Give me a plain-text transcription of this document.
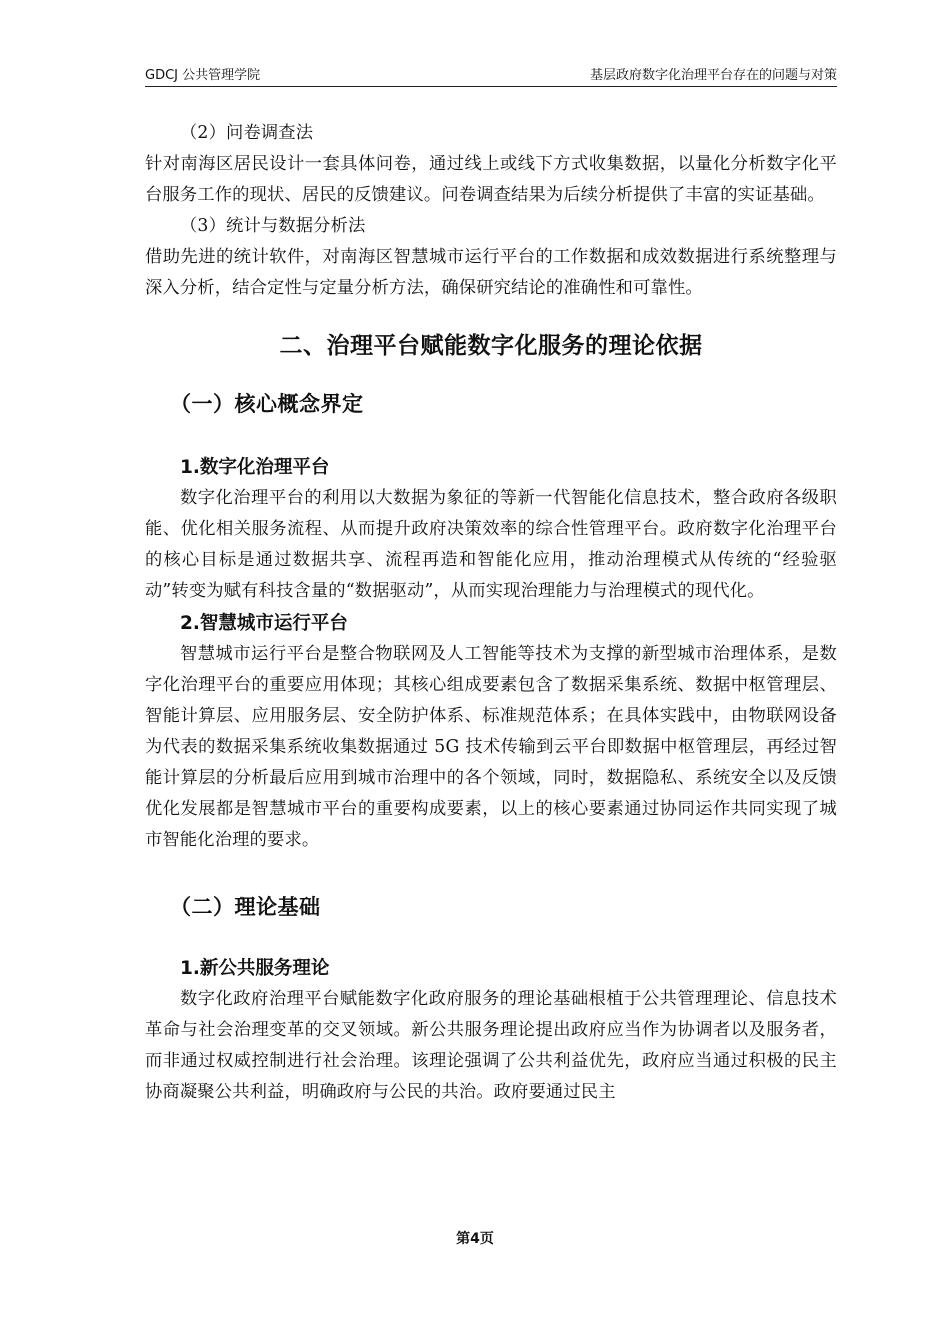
GDCJ 公共管理学院	基层政府数字化治理平台存在的问题与对策

（2）问卷调查法

针对南海区居民设计一套具体问卷，通过线上或线下方式收集数据，以量化分析数字化平台服务工作的现状、居民的反馈建议。问卷调查结果为后续分析提供了丰富的实证基础。

（3）统计与数据分析法

借助先进的统计软件，对南海区智慧城市运行平台的工作数据和成效数据进行系统整理与深入分析，结合定性与定量分析方法，确保研究结论的准确性和可靠性。

二、治理平台赋能数字化服务的理论依据
（一）核心概念界定
1.数字化治理平台

数字化治理平台的利用以大数据为象征的等新一代智能化信息技术，整合政府各级职能、优化相关服务流程、从而提升政府决策效率的综合性管理平台。政府数字化治理平台的核心目标是通过数据共享、流程再造和智能化应用，推动治理模式从传统的“经验驱动”转变为赋有科技含量的“数据驱动”，从而实现治理能力与治理模式的现代化。

2.智慧城市运行平台

智慧城市运行平台是整合物联网及人工智能等技术为支撑的新型城市治理体系，是数字化治理平台的重要应用体现；其核心组成要素包含了数据采集系统、数据中枢管理层、智能计算层、应用服务层、安全防护体系、标准规范体系；在具体实践中，由物联网设备为代表的数据采集系统收集数据通过 5G 技术传输到云平台即数据中枢管理层，再经过智能计算层的分析最后应用到城市治理中的各个领域，同时，数据隐私、系统安全以及反馈优化发展都是智慧城市平台的重要构成要素，以上的核心要素通过协同运作共同实现了城市智能化治理的要求。

（二）理论基础
1.新公共服务理论

数字化政府治理平台赋能数字化政府服务的理论基础根植于公共管理理论、信息技术革命与社会治理变革的交叉领域。新公共服务理论提出政府应当作为协调者以及服务者，而非通过权威控制进行社会治理。该理论强调了公共利益优先，政府应当通过积极的民主协商凝聚公共利益，明确政府与公民的共治。政府要通过民主

第4页
